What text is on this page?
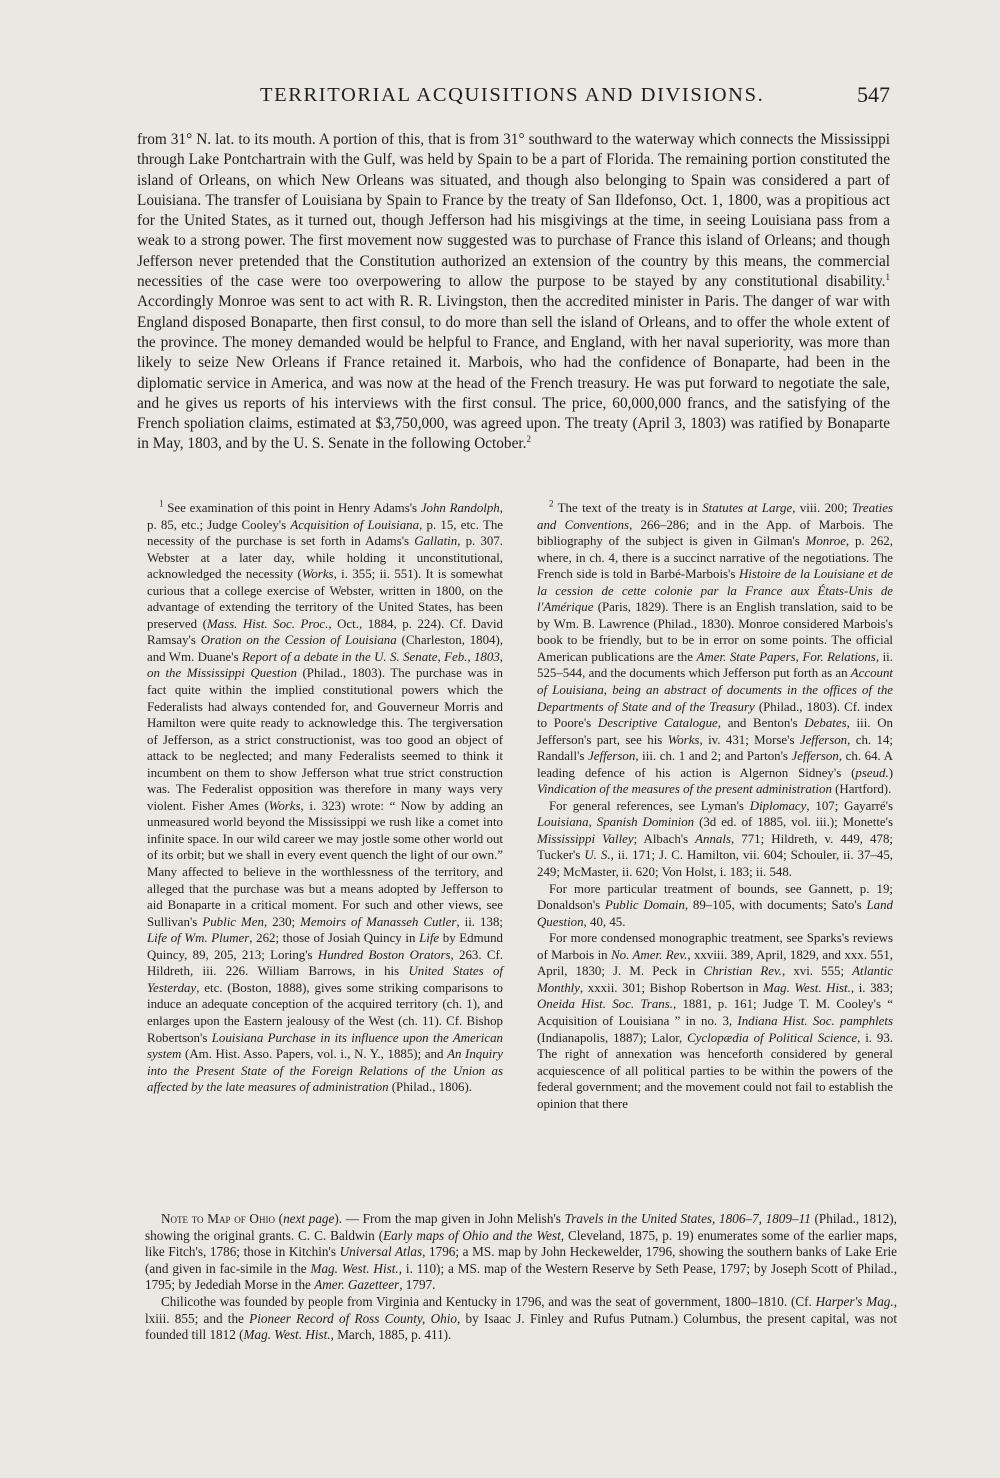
TERRITORIAL ACQUISITIONS AND DIVISIONS.	547

from 31° N. lat. to its mouth. A portion of this, that is from 31° southward to the waterway which connects the Mississippi through Lake Pontchartrain with the Gulf, was held by Spain to be a part of Florida. The remaining portion constituted the island of Orleans, on which New Orleans was situated, and though also belonging to Spain was considered a part of Louisiana. The transfer of Louisiana by Spain to France by the treaty of San Ildefonso, Oct. 1, 1800, was a propitious act for the United States, as it turned out, though Jefferson had his misgivings at the time, in seeing Louisiana pass from a weak to a strong power. The first movement now suggested was to purchase of France this island of Orleans; and though Jefferson never pretended that the Constitution authorized an extension of the country by this means, the commercial necessities of the case were too overpowering to allow the purpose to be stayed by any constitutional disability.$^1$ Accordingly Monroe was sent to act with R. R. Livingston, then the accredited minister in Paris. The danger of war with England disposed Bonaparte, then first consul, to do more than sell the island of Orleans, and to offer the whole extent of the province. The money demanded would be helpful to France, and England, with her naval superiority, was more than likely to seize New Orleans if France retained it. Marbois, who had the confidence of Bonaparte, had been in the diplomatic service in America, and was now at the head of the French treasury. He was put forward to negotiate the sale, and he gives us reports of his interviews with the first consul. The price, 60,000,000 francs, and the satisfying of the French spoliation claims, estimated at $3,750,000, was agreed upon. The treaty (April 3, 1803) was ratified by Bonaparte in May, 1803, and by the U. S. Senate in the following October.$^2$

$^1$ See examination of this point in Henry Adams's John Randolph, p. 85, etc.; Judge Cooley's Acquisition of Louisiana, p. 15, etc. The necessity of the purchase is set forth in Adams's Gallatin, p. 307. Webster at a later day, while holding it unconstitutional, acknowledged the necessity (Works, i. 355; ii. 551). It is somewhat curious that a college exercise of Webster, written in 1800, on the advantage of extending the territory of the United States, has been preserved (Mass. Hist. Soc. Proc., Oct., 1884, p. 224). Cf. David Ramsay's Oration on the Cession of Louisiana (Charleston, 1804), and Wm. Duane's Report of a debate in the U. S. Senate, Feb., 1803, on the Mississippi Question (Philad., 1803). The purchase was in fact quite within the implied constitutional powers which the Federalists had always contended for, and Gouverneur Morris and Hamilton were quite ready to acknowledge this. The tergiversation of Jefferson, as a strict constructionist, was too good an object of attack to be neglected; and many Federalists seemed to think it incumbent on them to show Jefferson what true strict construction was. The Federalist opposition was therefore in many ways very violent. Fisher Ames (Works, i. 323) wrote: “ Now by adding an unmeasured world beyond the Mississippi we rush like a comet into infinite space. In our wild career we may jostle some other world out of its orbit; but we shall in every event quench the light of our own.” Many affected to believe in the worthlessness of the territory, and alleged that the purchase was but a means adopted by Jefferson to aid Bonaparte in a critical moment. For such and other views, see Sullivan's Public Men, 230; Memoirs of Manasseh Cutler, ii. 138; Life of Wm. Plumer, 262; those of Josiah Quincy in Life by Edmund Quincy, 89, 205, 213; Loring's Hundred Boston Orators, 263. Cf. Hildreth, iii. 226. William Barrows, in his United States of Yesterday, etc. (Boston, 1888), gives some striking comparisons to induce an adequate conception of the acquired territory (ch. 1), and enlarges upon the Eastern jealousy of the West (ch. 11). Cf. Bishop Robertson's Louisiana Purchase in its influence upon the American system (Am. Hist. Asso. Papers, vol. i., N. Y., 1885); and An Inquiry into the Present State of the Foreign Relations of the Union as affected by the late measures of administration (Philad., 1806).

$^2$ The text of the treaty is in Statutes at Large, viii. 200; Treaties and Conventions, 266–286; and in the App. of Marbois. The bibliography of the subject is given in Gilman's Monroe, p. 262, where, in ch. 4, there is a succinct narrative of the negotiations. The French side is told in Barbé-Marbois's Histoire de la Louisiane et de la cession de cette colonie par la France aux États-Unis de l'Amérique (Paris, 1829). There is an English translation, said to be by Wm. B. Lawrence (Philad., 1830). Monroe considered Marbois's book to be friendly, but to be in error on some points. The official American publications are the Amer. State Papers, For. Relations, ii. 525–544, and the documents which Jefferson put forth as an Account of Louisiana, being an abstract of documents in the offices of the Departments of State and of the Treasury (Philad., 1803). Cf. index to Poore's Descriptive Catalogue, and Benton's Debates, iii. On Jefferson's part, see his Works, iv. 431; Morse's Jefferson, ch. 14; Randall's Jefferson, iii. ch. 1 and 2; and Parton's Jefferson, ch. 64. A leading defence of his action is Algernon Sidney's (pseud.) Vindication of the measures of the present administration (Hartford).

For general references, see Lyman's Diplomacy, 107; Gayarré's Louisiana, Spanish Dominion (3d ed. of 1885, vol. iii.); Monette's Mississippi Valley; Albach's Annals, 771; Hildreth, v. 449, 478; Tucker's U. S., ii. 171; J. C. Hamilton, vii. 604; Schouler, ii. 37–45, 249; McMaster, ii. 620; Von Holst, i. 183; ii. 548.

For more particular treatment of bounds, see Gannett, p. 19; Donaldson's Public Domain, 89–105, with documents; Sato's Land Question, 40, 45.

For more condensed monographic treatment, see Sparks's reviews of Marbois in No. Amer. Rev., xxviii. 389, April, 1829, and xxx. 551, April, 1830; J. M. Peck in Christian Rev., xvi. 555; Atlantic Monthly, xxxii. 301; Bishop Robertson in Mag. West. Hist., i. 383; Oneida Hist. Soc. Trans., 1881, p. 161; Judge T. M. Cooley's “ Acquisition of Louisiana ” in no. 3, Indiana Hist. Soc. pamphlets (Indianapolis, 1887); Lalor, Cyclopædia of Political Science, i. 93. The right of annexation was henceforth considered by general acquiescence of all political parties to be within the powers of the federal government; and the movement could not fail to establish the opinion that there

Note to Map of Ohio (next page). — From the map given in John Melish's Travels in the United States, 1806–7, 1809–11 (Philad., 1812), showing the original grants. C. C. Baldwin (Early maps of Ohio and the West, Cleveland, 1875, p. 19) enumerates some of the earlier maps, like Fitch's, 1786; those in Kitchin's Universal Atlas, 1796; a MS. map by John Heckewelder, 1796, showing the southern banks of Lake Erie (and given in fac-simile in the Mag. West. Hist., i. 110); a MS. map of the Western Reserve by Seth Pease, 1797; by Joseph Scott of Philad., 1795; by Jedediah Morse in the Amer. Gazetteer, 1797.

Chilicothe was founded by people from Virginia and Kentucky in 1796, and was the seat of government, 1800–1810. (Cf. Harper's Mag., lxiii. 855; and the Pioneer Record of Ross County, Ohio, by Isaac J. Finley and Rufus Putnam.) Columbus, the present capital, was not founded till 1812 (Mag. West. Hist., March, 1885, p. 411).
